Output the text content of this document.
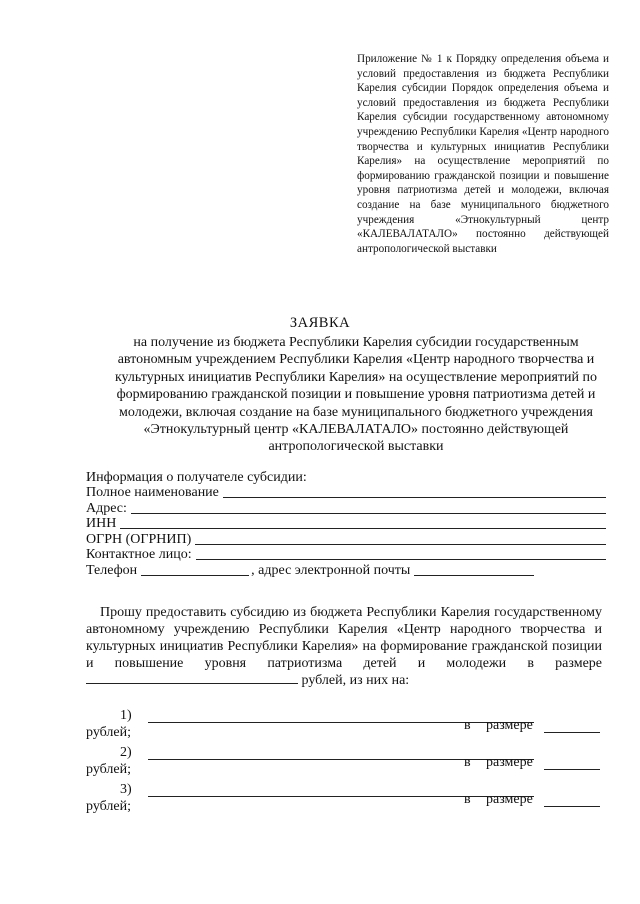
Приложение № 1 к Порядку определения объема и условий предоставления из бюджета Республики Карелия субсидии Порядок определения объема и условий предоставления из бюджета Республики Карелия субсидии государственному автономному учреждению Республики Карелия «Центр народного творчества и культурных инициатив Республики Карелия» на осуществление мероприятий по формированию гражданской позиции и повышение уровня патриотизма детей и молодежи, включая создание на базе муниципального бюджетного учреждения «Этнокультурный центр «КАЛЕВАЛАТАЛО» постоянно действующей антропологической выставки
ЗАЯВКА
на получение из бюджета Республики Карелия субсидии государственным автономным учреждением Республики Карелия «Центр народного творчества и культурных инициатив Республики Карелия» на осуществление мероприятий по формированию гражданской позиции и повышение уровня патриотизма детей и молодежи, включая создание на базе муниципального бюджетного учреждения «Этнокультурный центр «КАЛЕВАЛАТАЛО» постоянно действующей антропологической выставки
Информация о получателе субсидии:
Полное наименование
Адрес:
ИНН
ОГРН (ОГРНИП)
Контактное лицо:
Телефон	, адрес электронной почты
Прошу предоставить субсидию из бюджета Республики Карелия государственному автономному учреждению Республики Карелия «Центр народного творчества и культурных инициатив Республики Карелия» на формирование гражданской позиции и повышение уровня патриотизма детей и молодежи в размере  рублей, из них на:
1)
в размере
рублей;
2)
в размере
рублей;
3)
в размере
рублей;
